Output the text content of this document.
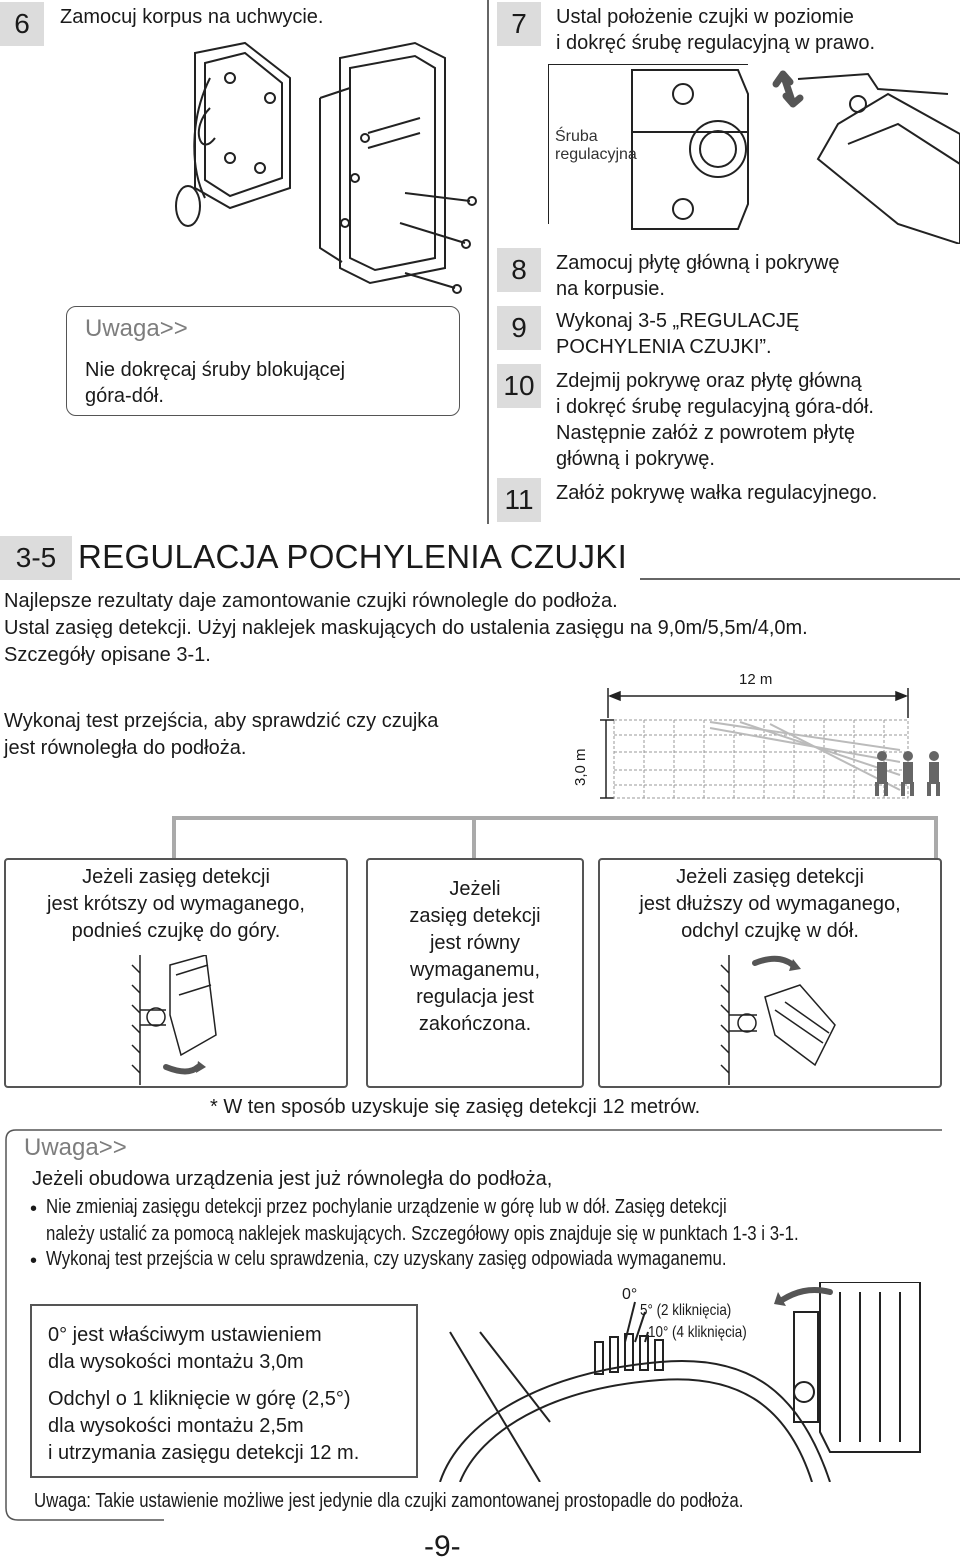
6	Zamocuj korpus na uchwycie.
Uwaga>>
Nie dokręcaj śruby blokującej
góra-dół.
7	Ustal położenie czujki w poziomie
i dokręć śrubę regulacyjną w prawo.
Śruba
regulacyjna
8	Zamocuj płytę główną i pokrywę
na korpusie.
9	Wykonaj 3-5 „REGULACJĘ
POCHYLENIA CZUJKI”.
10	Zdejmij pokrywę oraz płytę główną
i dokręć śrubę regulacyjną góra-dół.
Następnie załóż z powrotem płytę
główną i pokrywę.
11	Załóż pokrywę wałka regulacyjnego.
3-5 REGULACJA POCHYLENIA CZUJKI
Najlepsze rezultaty daje zamontowanie czujki równolegle do podłoża.
Ustal zasięg detekcji. Użyj naklejek maskujących do ustalenia zasięgu na 9,0m/5,5m/4,0m.
Szczegóły opisane 3-1.
Wykonaj test przejścia, aby sprawdzić czy czujka
jest równoległa do podłoża.
12 m
3,0 m
Jeżeli zasięg detekcji
jest krótszy od wymaganego,
podnieś czujkę do góry.
Jeżeli
zasięg detekcji
jest równy
wymaganemu,
regulacja jest
zakończona.
Jeżeli zasięg detekcji
jest dłuższy od wymaganego,
odchyl czujkę w dół.
* W ten sposób uzyskuje się zasięg detekcji 12 metrów.
Uwaga>>
Jeżeli obudowa urządzenia jest już równoległa do podłoża,
• Nie zmieniaj zasięgu detekcji przez pochylanie urządzenie w górę lub w dół. Zasięg detekcji
należy ustalić za pomocą naklejek maskujących. Szczegółowy opis znajduje się w punktach 1-3 i 3-1.
• Wykonaj test przejścia w celu sprawdzenia, czy uzyskany zasięg odpowiada wymaganemu.
0° jest właściwym ustawieniem
dla wysokości montażu 3,0m
Odchyl o 1 kliknięcie w górę (2,5°)
dla wysokości montażu 2,5m
i utrzymania zasięgu detekcji 12 m.
0°
5° (2 kliknięcia)
10° (4 kliknięcia)
Uwaga: Takie ustawienie możliwe jest jedynie dla czujki zamontowanej prostopadle do podłoża.
-9-
